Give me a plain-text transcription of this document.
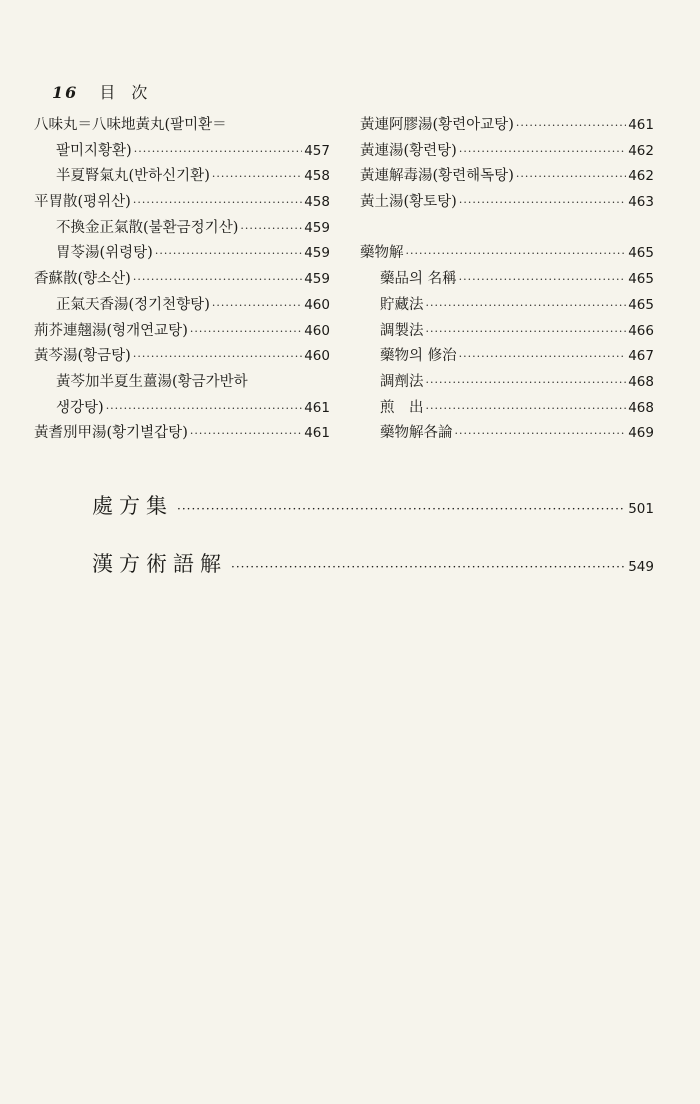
16 目次
八味丸＝八味地黃丸(팔미환＝
팔미지황환) ·····	457
半夏腎氣丸(반하신기환) ·····	458
平胃散(평위산) ·····	458
不換金正氣散(불환금정기산) ·····	459
胃苓湯(위령탕) ·····	459
香蘇散(향소산) ·····	459
正氣天香湯(정기천향탕) ·····	460
荊芥連翹湯(형개연교탕) ·····	460
黃芩湯(황금탕) ·····	460
黃芩加半夏生薑湯(황금가반하
생강탕) ·····	461
黃耆別甲湯(황기별갑탕) ·····	461
黃連阿膠湯(황련아교탕) ·····	461
黃連湯(황련탕) ·····	462
黃連解毒湯(황련해독탕) ·····	462
黃土湯(황토탕) ·····	463
藥物解 ·····	465
藥品의 名稱 ·····	465
貯藏法 ·····	465
調製法 ·····	466
藥物의 修治 ·····	467
調劑法 ·····	468
煎　出 ·····	468
藥物解各論 ·····	469
處方集 ·····	501
漢方術語解 ·····	549
